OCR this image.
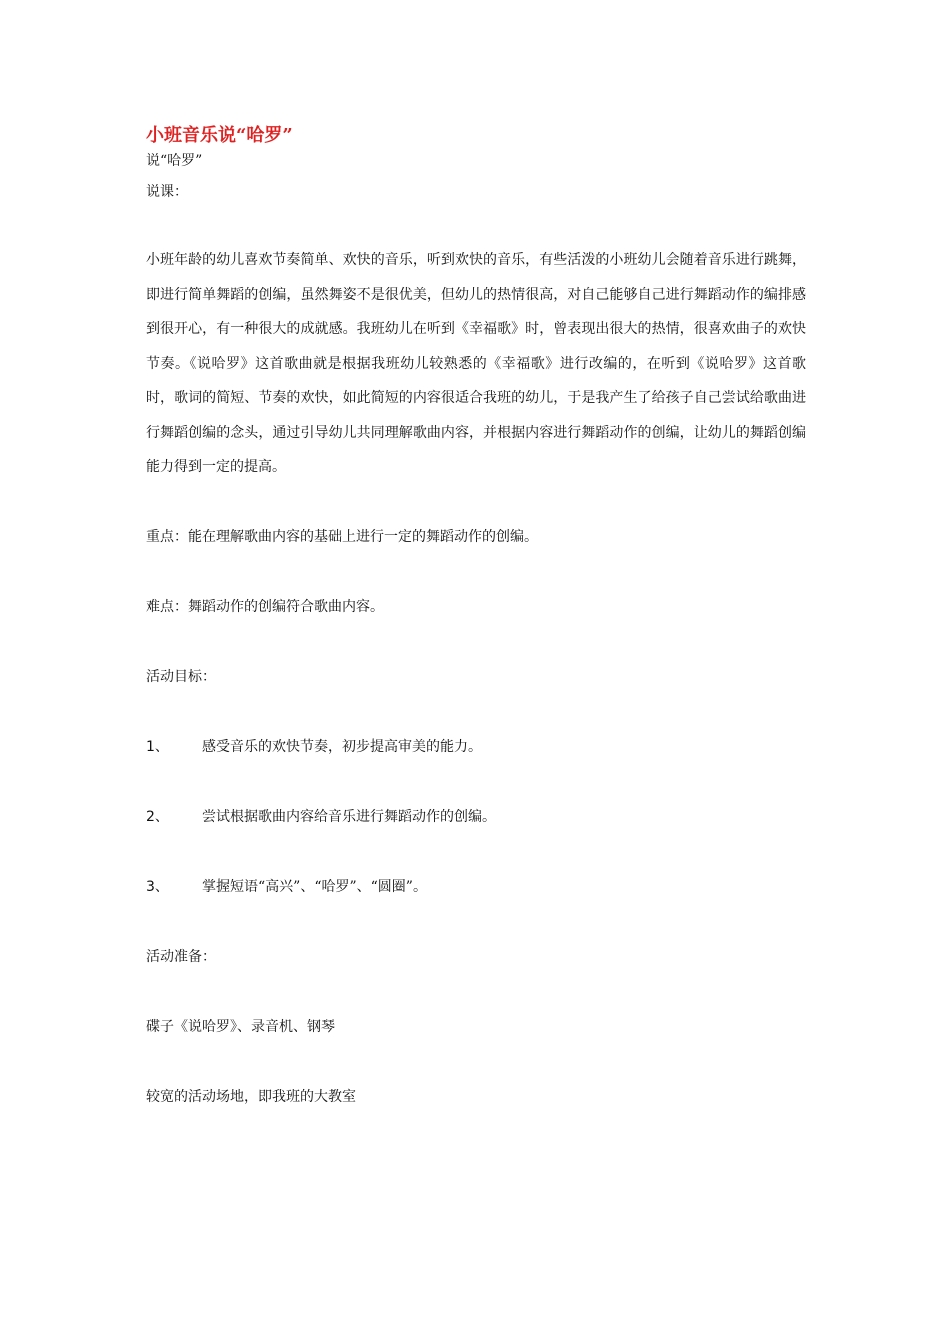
小班音乐说“哈罗”

说“哈罗”

说课：

小班年龄的幼儿喜欢节奏简单、欢快的音乐，听到欢快的音乐，有些活泼的小班幼儿会随着音乐进行跳舞，即进行简单舞蹈的创编，虽然舞姿不是很优美，但幼儿的热情很高，对自己能够自己进行舞蹈动作的编排感到很开心，有一种很大的成就感。我班幼儿在听到《幸福歌》时，曾表现出很大的热情，很喜欢曲子的欢快节奏。《说哈罗》这首歌曲就是根据我班幼儿较熟悉的《幸福歌》进行改编的，在听到《说哈罗》这首歌时，歌词的简短、节奏的欢快，如此简短的内容很适合我班的幼儿，于是我产生了给孩子自己尝试给歌曲进行舞蹈创编的念头，通过引导幼儿共同理解歌曲内容，并根据内容进行舞蹈动作的创编，让幼儿的舞蹈创编能力得到一定的提高。

重点：能在理解歌曲内容的基础上进行一定的舞蹈动作的创编。

难点：舞蹈动作的创编符合歌曲内容。

活动目标：

1、	感受音乐的欢快节奏，初步提高审美的能力。
2、	尝试根据歌曲内容给音乐进行舞蹈动作的创编。
3、	掌握短语“高兴”、“哈罗”、“圆圈”。

活动准备：

碟子《说哈罗》、录音机、钢琴

较宽的活动场地，即我班的大教室
